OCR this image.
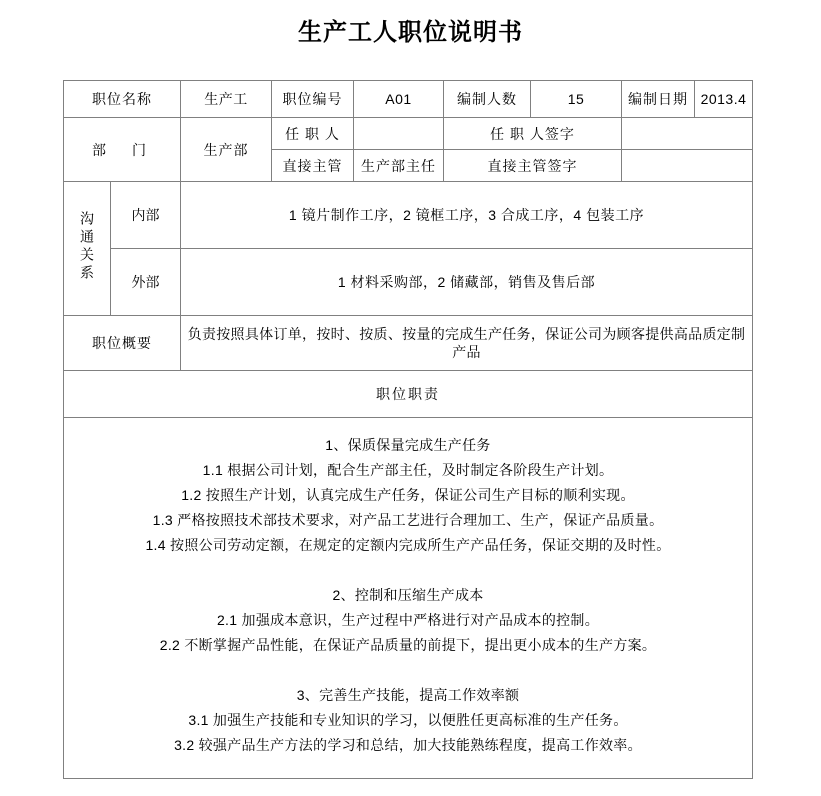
生产工人职位说明书
职位名称		生产工	职位编号	A01	编制人数	15	编制日期	2013.4
部　门		生产部	任 职 人		任 职 人签字			
			直接主管	生产部主任	直接主管签字			
沟通关系	内部	1 镜片制作工序，2 镜框工序，3 合成工序，4 包装工序						
	外部	1 材料采购部，2 储藏部，销售及售后部						
职位概要		负责按照具体订单，按时、按质、按量的完成生产任务，保证公司为顾客提供高品质定制产品						
职位职责								

1、保质保量完成生产任务

1.1 根据公司计划，配合生产部主任，及时制定各阶段生产计划。

1.2 按照生产计划，认真完成生产任务，保证公司生产目标的顺利实现。

1.3 严格按照技术部技术要求，对产品工艺进行合理加工、生产，保证产品质量。

1.4 按照公司劳动定额，在规定的定额内完成所生产产品任务，保证交期的及时性。

2、控制和压缩生产成本

2.1 加强成本意识，生产过程中严格进行对产品成本的控制。

2.2 不断掌握产品性能，在保证产品质量的前提下，提出更小成本的生产方案。

3、完善生产技能，提高工作效率额

3.1 加强生产技能和专业知识的学习，以便胜任更高标准的生产任务。

3.2 较强产品生产方法的学习和总结，加大技能熟练程度，提高工作效率。
